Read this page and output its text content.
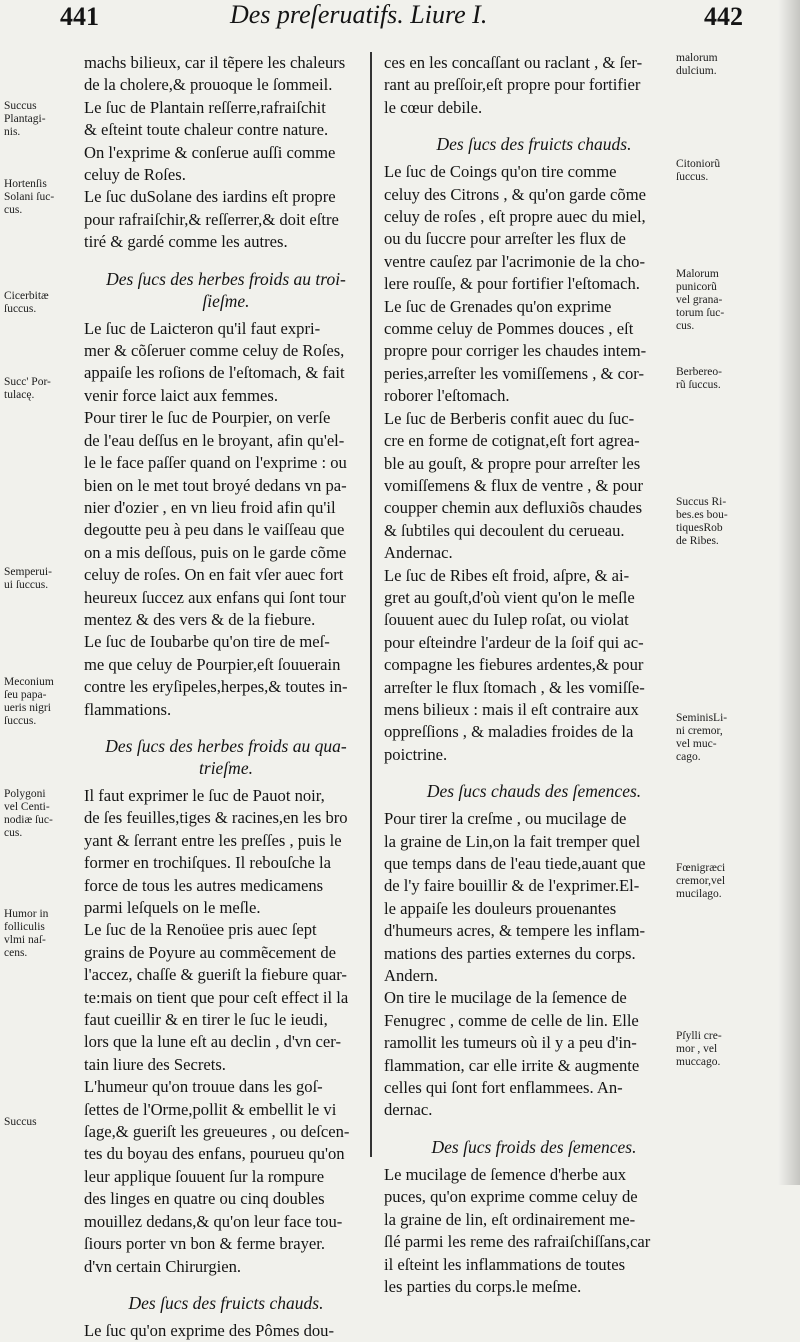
441	Des preſeruatifs. Liure I.	442
machs bilieux, car il tẽpere les chaleurs
de la cholere,& prouoque le ſommeil.
Le ſuc de Plantain reſſerre,rafraiſchit
& eſteint toute chaleur contre nature.
On l'exprime & conſerue auſſi comme
celuy de Roſes.
Le ſuc duSolane des iardins eſt propre
pour rafraiſchir,& reſſerrer,& doit eſtre
tiré & gardé comme les autres.
Des ſucs des herbes froids au troi-
ſieſme.
Le ſuc de Laicteron qu'il faut expri-
mer & cõſeruer comme celuy de Roſes,
appaiſe les roſions de l'eſtomach, & fait
venir force laict aux femmes.
Pour tirer le ſuc de Pourpier, on verſe
de l'eau deſſus en le broyant, afin qu'el-
le le face paſſer quand on l'exprime : ou
bien on le met tout broyé dedans vn pa-
nier d'ozier , en vn lieu froid afin qu'il
degoutte peu à peu dans le vaiſſeau que
on a mis deſſous, puis on le garde cõme
celuy de roſes. On en fait vſer auec fort
heureux ſuccez aux enfans qui ſont tour
mentez & des vers & de la fiebure.
Le ſuc de Ioubarbe qu'on tire de meſ-
me que celuy de Pourpier,eſt ſouuerain
contre les eryſipeles,herpes,& toutes in-
flammations.
Des ſucs des herbes froids au qua-
trieſme.
Il faut exprimer le ſuc de Pauot noir,
de ſes feuilles,tiges & racines,en les bro
yant & ſerrant entre les preſſes , puis le
former en trochiſques. Il rebouſche la
force de tous les autres medicamens
parmi leſquels on le meſle.
Le ſuc de la Renoüee pris auec ſept
grains de Poyure au commẽcement de
l'accez, chaſſe & gueriſt la fiebure quar-
te:mais on tient que pour ceſt effect il la
faut cueillir & en tirer le ſuc le ieudi,
lors que la lune eſt au declin , d'vn cer-
tain liure des Secrets.
L'humeur qu'on trouue dans les goſ-
ſettes de l'Orme,pollit & embellit le vi
ſage,& gueriſt les greueures , ou deſcen-
tes du boyau des enfans, pourueu qu'on
leur applique ſouuent ſur la rompure
des linges en quatre ou cinq doubles
mouillez dedans,& qu'on leur face tou-
ſiours porter vn bon & ferme brayer.
d'vn certain Chirurgien.
Des ſucs des fruicts chauds.
Le ſuc qu'on exprime des Pômes dou-
ces en les concaſſant ou raclant , & ſer-
rant au preſſoir,eſt propre pour fortifier
le cœur debile.
Des ſucs des fruicts chauds.
Le ſuc de Coings qu'on tire comme
celuy des Citrons , & qu'on garde cõme
celuy de roſes , eſt propre auec du miel,
ou du ſuccre pour arreſter les flux de
ventre cauſez par l'acrimonie de la cho-
lere rouſſe, & pour fortifier l'eſtomach.
Le ſuc de Grenades qu'on exprime
comme celuy de Pommes douces , eſt
propre pour corriger les chaudes intem-
peries,arreſter les vomiſſemens , & cor-
roborer l'eſtomach.
Le ſuc de Berberis confit auec du ſuc-
cre en forme de cotignat,eſt fort agrea-
ble au gouſt, & propre pour arreſter les
vomiſſemens & flux de ventre , & pour
coupper chemin aux defluxiõs chaudes
& ſubtiles qui decoulent du cerueau.
Andernac.
Le ſuc de Ribes eſt froid, aſpre, & ai-
gret au gouſt,d'où vient qu'on le meſle
ſouuent auec du Iulep roſat, ou violat
pour eſteindre l'ardeur de la ſoif qui ac-
compagne les fiebures ardentes,& pour
arreſter le flux ſtomach , & les vomiſſe-
mens bilieux : mais il eſt contraire aux
oppreſſions , & maladies froides de la
poictrine.
Des ſucs chauds des ſemences.
Pour tirer la creſme , ou mucilage de
la graine de Lin,on la fait tremper quel
que temps dans de l'eau tiede,auant que
de l'y faire bouillir & de l'exprimer.El-
le appaiſe les douleurs prouenantes
d'humeurs acres, & tempere les inflam-
mations des parties externes du corps.
Andern.
On tire le mucilage de la ſemence de
Fenugrec , comme de celle de lin. Elle
ramollit les tumeurs où il y a peu d'in-
flammation, car elle irrite & augmente
celles qui ſont fort enflammees. An-
dernac.
Des ſucs froids des ſemences.
Le mucilage de ſemence d'herbe aux
puces, qu'on exprime comme celuy de
la graine de lin, eſt ordinairement me-
ſlé parmi les reme des rafraiſchiſſans,car
il eſteint les inflammations de toutes
les parties du corps.le meſme.
Succus
Plantagi-
nis.
Hortenſis
Solani ſuc-
cus.
Cicerbitæ
ſuccus.
Succ' Por-
tulacę.
Semperui-
ui ſuccus.
Meconium
ſeu papa-
ueris nigri
ſuccus.
Polygoni
vel Centi-
nodiæ ſuc-
cus.
Humor in
folliculis
vlmi naſ-
cens.
Succus
malorum
dulcium.
Citoniorũ
ſuccus.
Malorum
punicorũ
vel grana-
torum ſuc-
cus.
Berbereo-
rũ ſuccus.
Succus Ri-
bes.es bou-
tiquesRob
de Ribes.
SeminisLi-
ni cremor,
vel muc-
cago.
Fœnigræci
cremor,vel
mucilago.
Pſylli cre-
mor , vel
muccago.
